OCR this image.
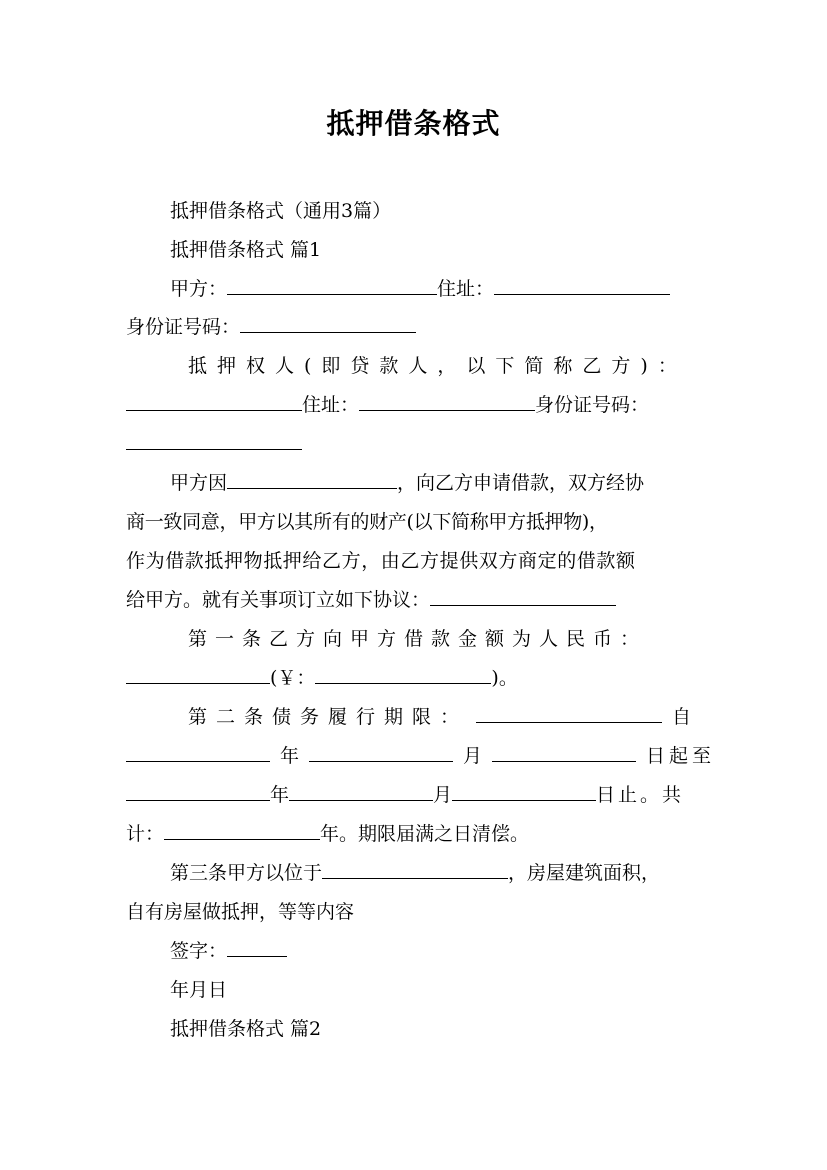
抵押借条格式
抵押借条格式（通用3篇）
抵押借条格式 篇1
甲方：	住址：
身份证号码：
抵押权人(即贷款人，以下简称乙方)：
住址：	身份证号码：
甲方因	，向乙方申请借款，双方经协
商一致同意，甲方以其所有的财产(以下简称甲方抵押物)，
作为借款抵押物抵押给乙方，由乙方提供双方商定的借款额
给甲方。就有关事项订立如下协议：
第一条乙方向甲方借款金额为人民币：
(￥：	)。
第二条债务履行期限：	自
年	月	日起至
年	月	日止。共
计：	年。期限届满之日清偿。
第三条甲方以位于	，房屋建筑面积，
自有房屋做抵押，等等内容
签字：
年月日
抵押借条格式 篇2
